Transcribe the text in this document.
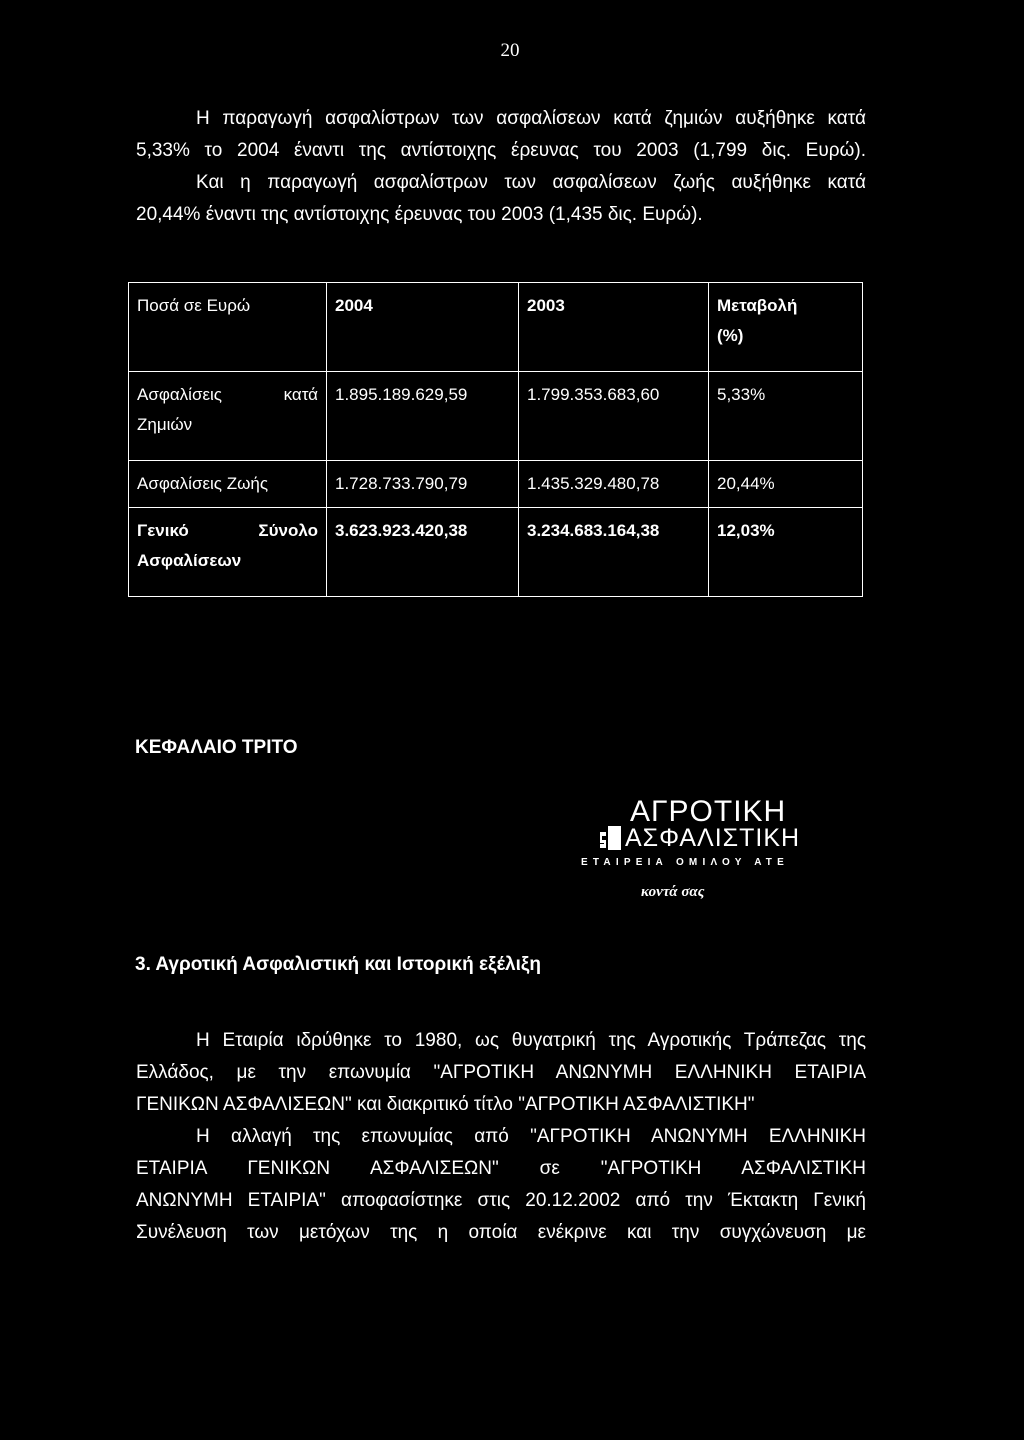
20

Η παραγωγή ασφαλίστρων των ασφαλίσεων κατά ζημιών αυξήθηκε κατά
5,33% το 2004 έναντι της αντίστοιχης έρευνας του 2003 (1,799 δις. Ευρώ).
Και η παραγωγή ασφαλίστρων των ασφαλίσεων ζωής αυξήθηκε κατά
20,44% έναντι της αντίστοιχης έρευνας του 2003 (1,435 δις. Ευρώ).

Ποσά σε Ευρώ	2004	2003	Μεταβολή
(%)

Ασφαλίσεις κατά
Ζημιών	1.895.189.629,59	1.799.353.683,60	5,33%
Ασφαλίσεις Ζωής	1.728.733.790,79	1.435.329.480,78	20,44%

Γενικό Σύνολο
Ασφαλίσεων	3.623.923.420,38	3.234.683.164,38	12,03%
ΚΕΦΑΛΑΙΟ ΤΡΙΤΟ
ΑΓΡΟΤΙΚΗ
ΑΣΦΑΛΙΣΤΙΚΗ
ΕΤΑΙΡΕΙΑ ΟΜΙΛΟΥ ΑΤΕ
κοντά σας
3. Αγροτική Ασφαλιστική και Ιστορική εξέλιξη

Η Εταιρία ιδρύθηκε το 1980, ως θυγατρική της Αγροτικής Τράπεζας της
Ελλάδος, με την επωνυμία "ΑΓΡΟΤΙΚΗ ΑΝΩΝΥΜΗ ΕΛΛΗΝΙΚΗ ΕΤΑΙΡΙΑ
ΓΕΝΙΚΩΝ ΑΣΦΑΛΙΣΕΩΝ" και διακριτικό τίτλο "ΑΓΡΟΤΙΚΗ ΑΣΦΑΛΙΣΤΙΚΗ"
Η αλλαγή της επωνυμίας από "ΑΓΡΟΤΙΚΗ ΑΝΩΝΥΜΗ ΕΛΛΗΝΙΚΗ
ΕΤΑΙΡΙΑ ΓΕΝΙΚΩΝ ΑΣΦΑΛΙΣΕΩΝ" σε "ΑΓΡΟΤΙΚΗ ΑΣΦΑΛΙΣΤΙΚΗ
ΑΝΩΝΥΜΗ ΕΤΑΙΡΙΑ" αποφασίστηκε στις 20.12.2002 από την Έκτακτη Γενική
Συνέλευση των μετόχων της η οποία ενέκρινε και την συγχώνευση με
